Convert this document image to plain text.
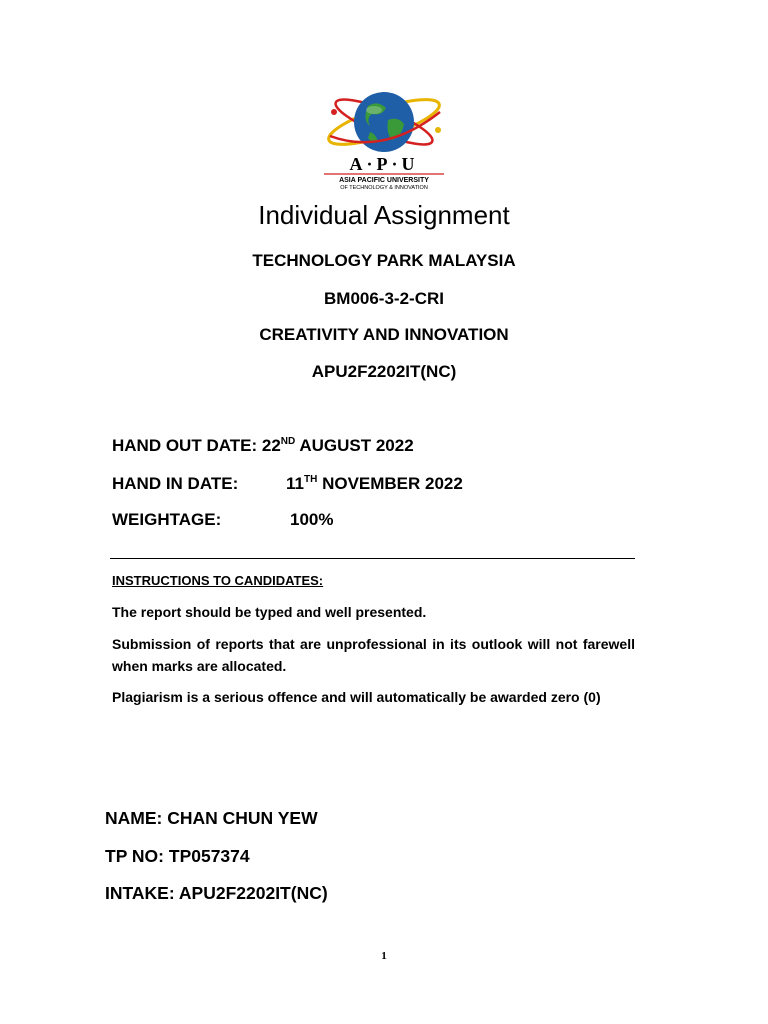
A·P·U
ASIA PACIFIC UNIVERSITY
OF TECHNOLOGY & INNOVATION
Individual Assignment
TECHNOLOGY PARK MALAYSIA
BM006-3-2-CRI
CREATIVITY AND INNOVATION
APU2F2202IT(NC)
HAND OUT DATE: 22ND AUGUST 2022
HAND IN DATE:	11TH NOVEMBER 2022
WEIGHTAGE:	100%
INSTRUCTIONS TO CANDIDATES:
The report should be typed and well presented.
Submission of reports that are unprofessional in its outlook will not farewell when marks are allocated.
Plagiarism is a serious offence and will automatically be awarded zero (0)
NAME: CHAN CHUN YEW
TP NO: TP057374
INTAKE: APU2F2202IT(NC)
1
